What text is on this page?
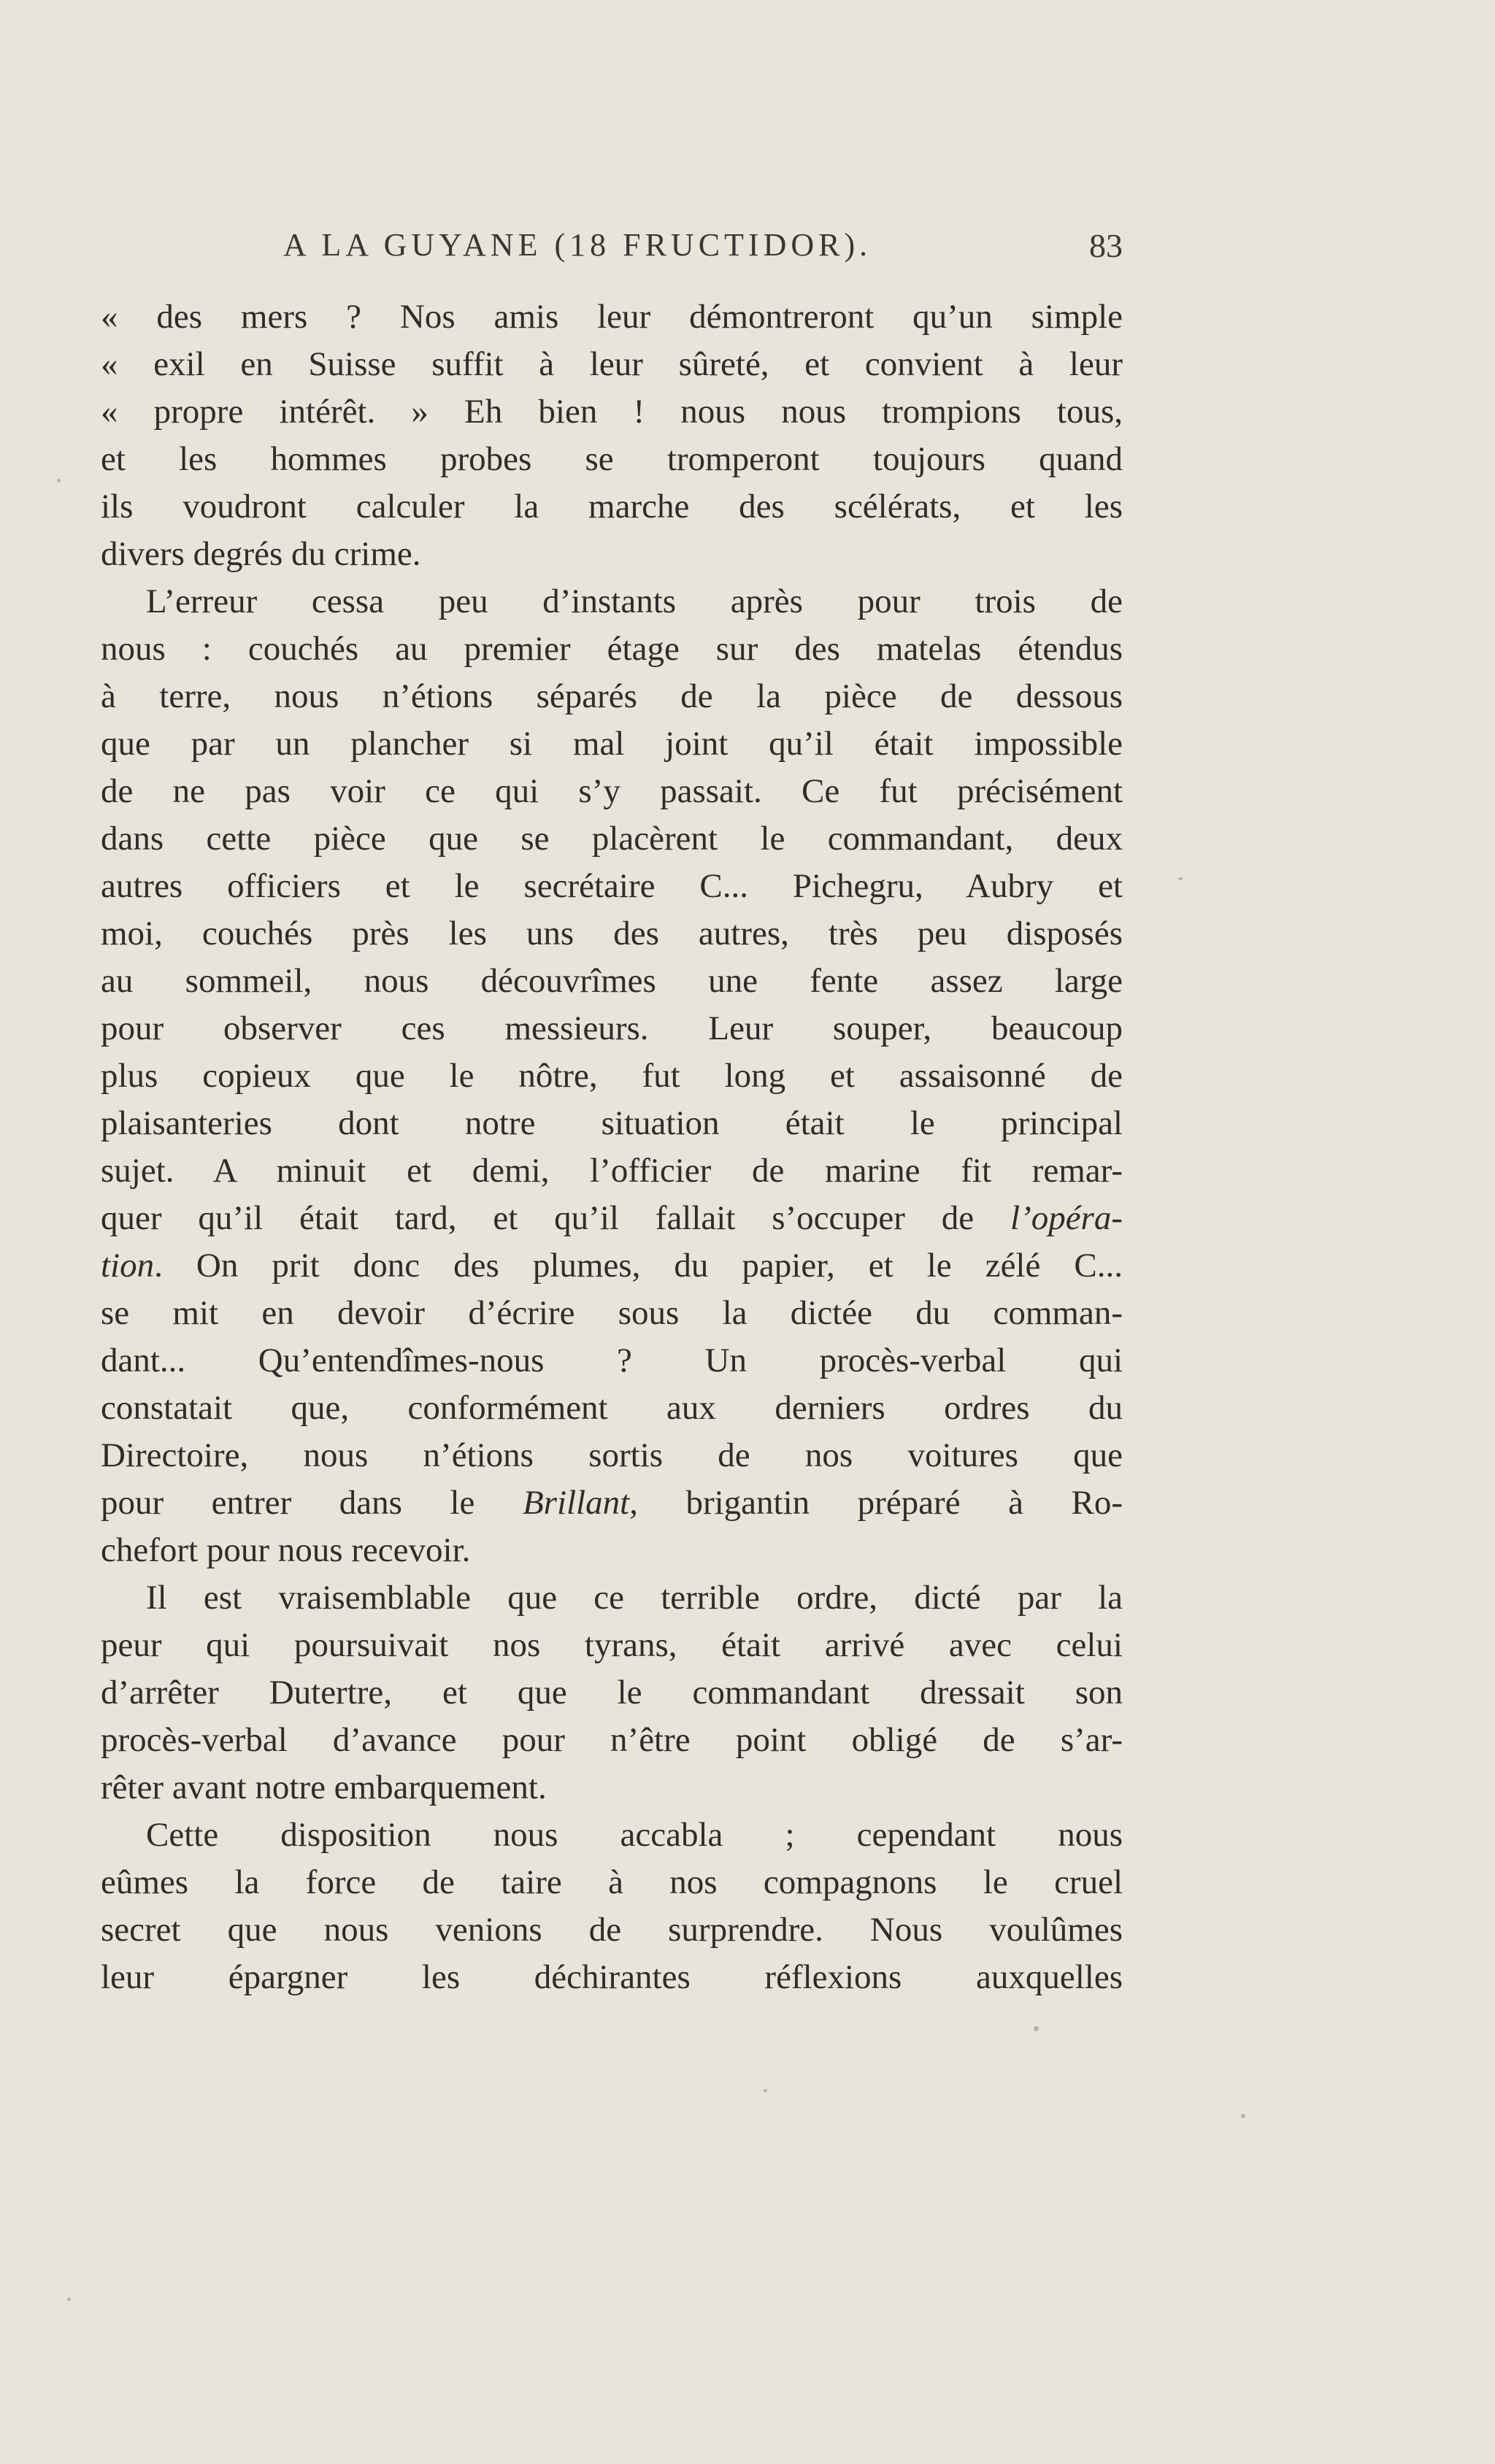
A LA GUYANE (18 FRUCTIDOR).	83
« des mers ? Nos amis leur démontreront qu’un simple
« exil en Suisse suffit à leur sûreté, et convient à leur
« propre intérêt. » Eh bien ! nous nous trompions tous,
et les hommes probes se tromperont toujours quand
ils voudront calculer la marche des scélérats, et les
divers degrés du crime.
L’erreur cessa peu d’instants après pour trois de
nous : couchés au premier étage sur des matelas étendus
à terre, nous n’étions séparés de la pièce de dessous
que par un plancher si mal joint qu’il était impossible
de ne pas voir ce qui s’y passait. Ce fut précisément
dans cette pièce que se placèrent le commandant, deux
autres officiers et le secrétaire C... Pichegru, Aubry et
moi, couchés près les uns des autres, très peu disposés
au sommeil, nous découvrîmes une fente assez large
pour observer ces messieurs. Leur souper, beaucoup
plus copieux que le nôtre, fut long et assaisonné de
plaisanteries dont notre situation était le principal
sujet. A minuit et demi, l’officier de marine fit remar-
quer qu’il était tard, et qu’il fallait s’occuper de l’opéra-
tion. On prit donc des plumes, du papier, et le zélé C...
se mit en devoir d’écrire sous la dictée du comman-
dant... Qu’entendîmes-nous ? Un procès-verbal qui
constatait que, conformément aux derniers ordres du
Directoire, nous n’étions sortis de nos voitures que
pour entrer dans le Brillant, brigantin préparé à Ro-
chefort pour nous recevoir.
Il est vraisemblable que ce terrible ordre, dicté par la
peur qui poursuivait nos tyrans, était arrivé avec celui
d’arrêter Dutertre, et que le commandant dressait son
procès-verbal d’avance pour n’être point obligé de s’ar-
rêter avant notre embarquement.
Cette disposition nous accabla ; cependant nous
eûmes la force de taire à nos compagnons le cruel
secret que nous venions de surprendre. Nous voulûmes
leur épargner les déchirantes réflexions auxquelles
